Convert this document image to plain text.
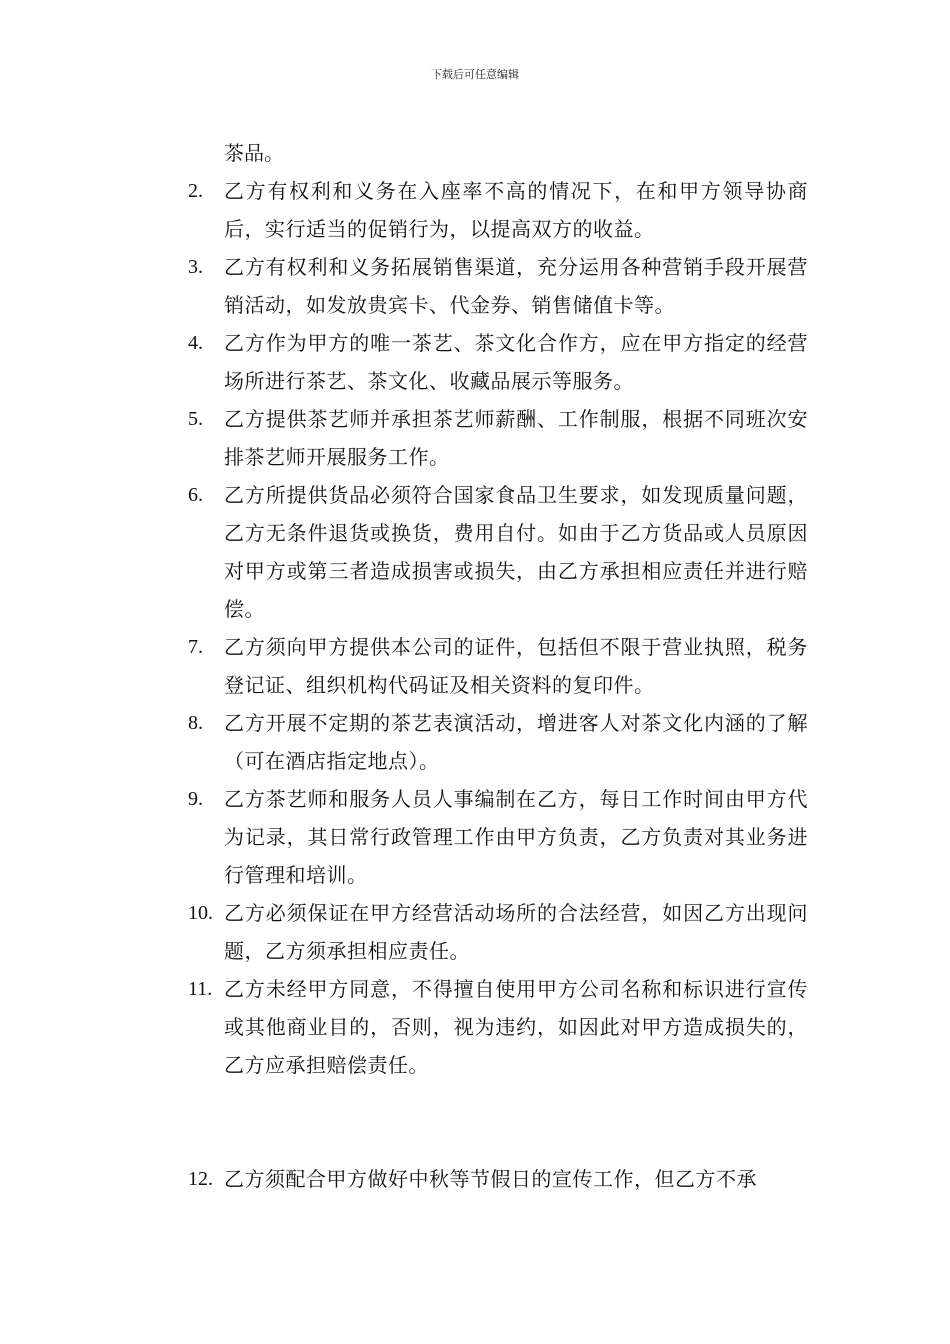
下载后可任意编辑
茶品。
2.	乙方有权利和义务在入座率不高的情况下，在和甲方领导协商后，实行适当的促销行为，以提高双方的收益。
3.	乙方有权利和义务拓展销售渠道，充分运用各种营销手段开展营销活动，如发放贵宾卡、代金券、销售储值卡等。
4.	乙方作为甲方的唯一茶艺、茶文化合作方，应在甲方指定的经营场所进行茶艺、茶文化、收藏品展示等服务。
5.	乙方提供茶艺师并承担茶艺师薪酬、工作制服，根据不同班次安排茶艺师开展服务工作。
6.	乙方所提供货品必须符合国家食品卫生要求，如发现质量问题，乙方无条件退货或换货，费用自付。如由于乙方货品或人员原因对甲方或第三者造成损害或损失，由乙方承担相应责任并进行赔偿。
7.	乙方须向甲方提供本公司的证件，包括但不限于营业执照，税务登记证、组织机构代码证及相关资料的复印件。
8.	乙方开展不定期的茶艺表演活动，增进客人对茶文化内涵的了解（可在酒店指定地点）。
9.	乙方茶艺师和服务人员人事编制在乙方，每日工作时间由甲方代为记录，其日常行政管理工作由甲方负责，乙方负责对其业务进行管理和培训。
10. 乙方必须保证在甲方经营活动场所的合法经营，如因乙方出现问题，乙方须承担相应责任。
11. 乙方未经甲方同意，不得擅自使用甲方公司名称和标识进行宣传或其他商业目的，否则，视为违约，如因此对甲方造成损失的，乙方应承担赔偿责任。
12. 乙方须配合甲方做好中秋等节假日的宣传工作，但乙方不承
